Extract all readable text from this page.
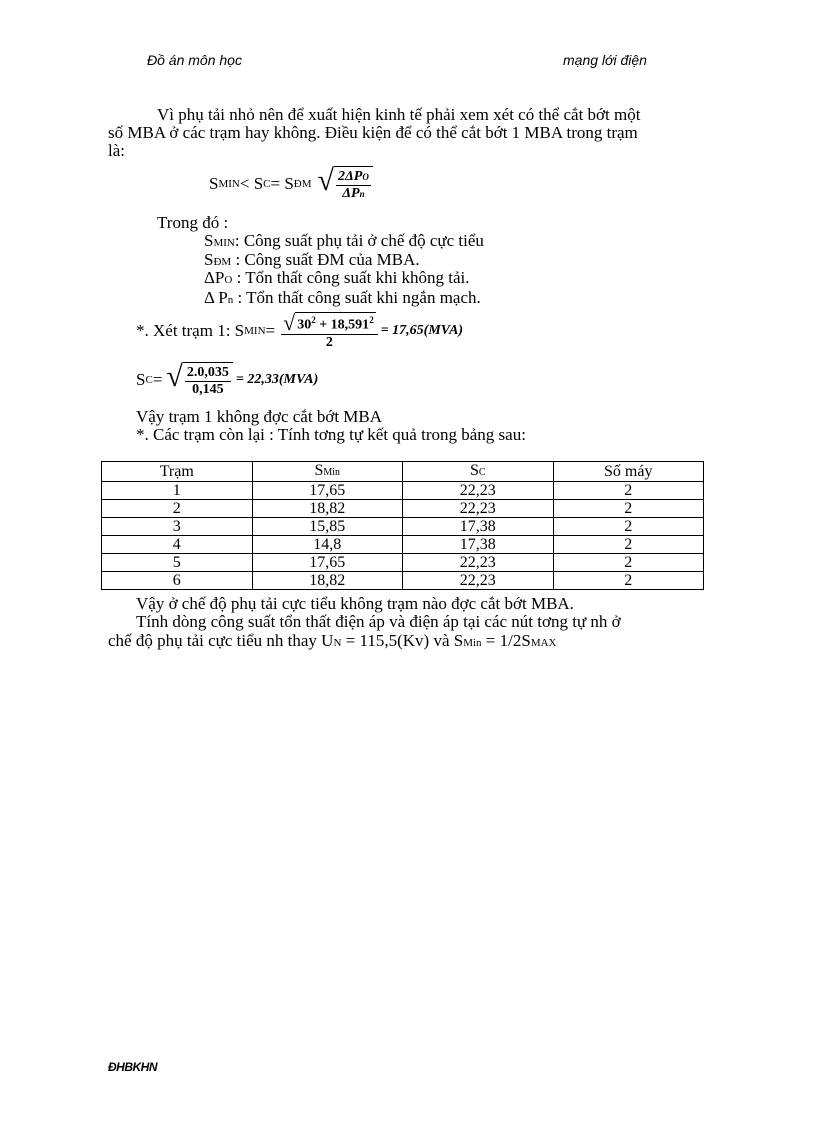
Đồ án môn học	mạng lới điện
Vì phụ tải nhỏ nên để xuất hiện kinh tế phải xem xét có thể cắt bớt một
số MBA ở các trạm hay không. Điều kiện để có thể cắt bớt 1 MBA trong trạm
là:
S MIN < S C = S ĐM √ $\frac{\text{2ΔPO}}{\text{ΔPn}}$
Trong đó :
SMIN: Công suất phụ tải ở chế độ cực tiểu
SĐM : Công suất ĐM của MBA.
ΔPO : Tổn thất công suất khi không tải.
Δ Pn : Tổn thất công suất khi ngắn mạch.
*. Xét trạm 1: S MIN = $\frac{√ 30^2 + 18,591^2}{2} = 17,65(MVA)$
S C = √ $\frac{2.0,035}{0,145} = 22,33(MVA)$
Vậy trạm 1 không đợc cắt bớt MBA
*. Các trạm còn lại : Tính tơng tự kết quả trong bảng sau:
Trạm	SMin	SC	Số máy
1	17,65	22,23	2
2	18,82	22,23	2
3	15,85	17,38	2
4	14,8	17,38	2
5	17,65	22,23	2
6	18,82	22,23	2
Vậy ở chế độ phụ tải cực tiểu không trạm nào đợc cắt bớt MBA.
Tính dòng công suất tổn thất điện áp và điện áp tại các nút tơng tự nh ở
chế độ phụ tải cực tiểu nh thay UN = 115,5(Kv) và SMin = 1/2SMAX
ĐHBKHN
